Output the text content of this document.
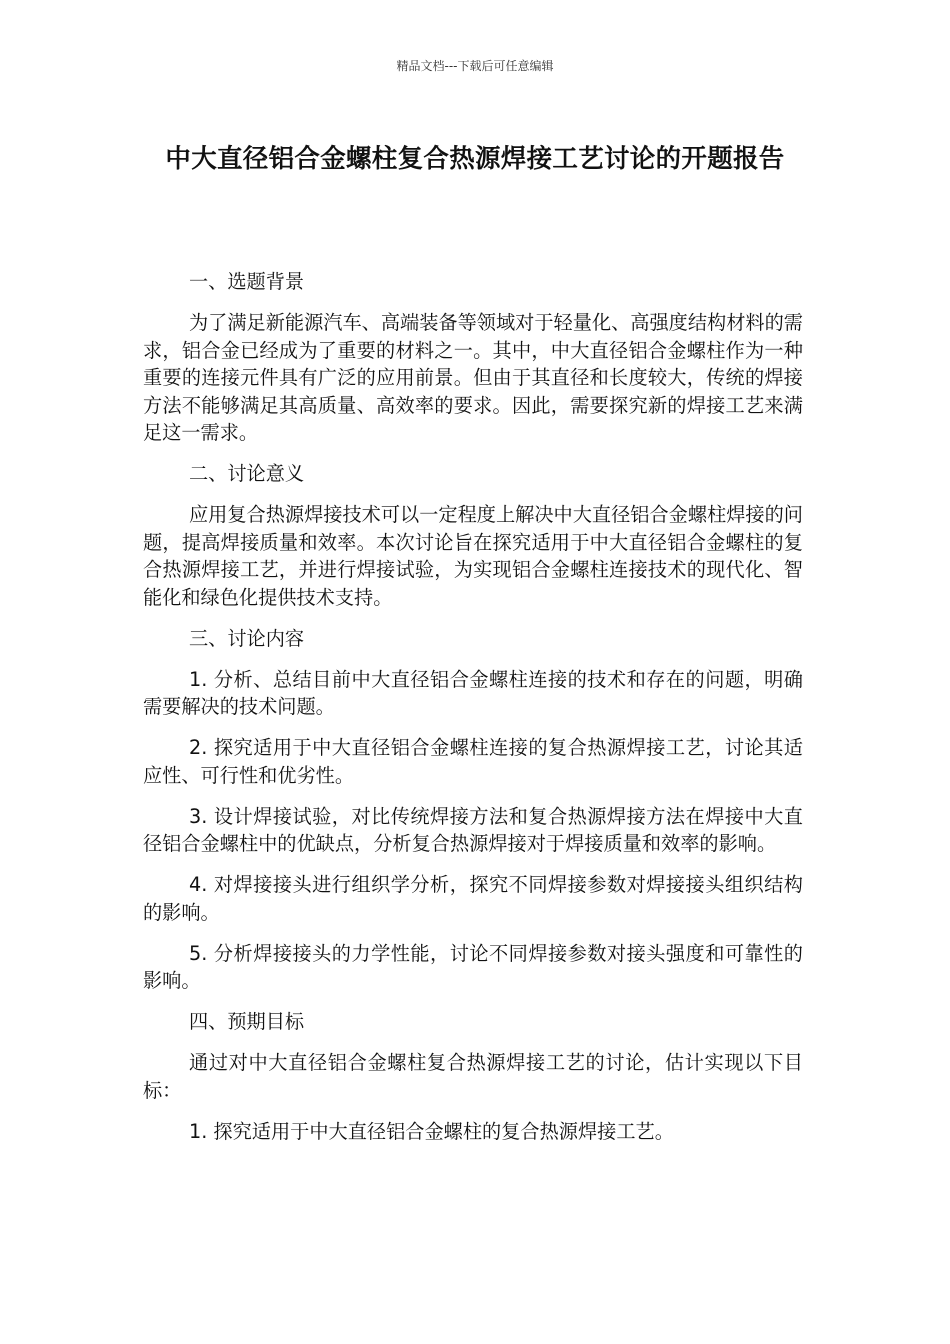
精品文档---下载后可任意编辑
中大直径铝合金螺柱复合热源焊接工艺讨论的开题报告

一、选题背景

为了满足新能源汽车、高端装备等领域对于轻量化、高强度结构材料的需求，铝合金已经成为了重要的材料之一。其中，中大直径铝合金螺柱作为一种重要的连接元件具有广泛的应用前景。但由于其直径和长度较大，传统的焊接方法不能够满足其高质量、高效率的要求。因此，需要探究新的焊接工艺来满足这一需求。

二、讨论意义

应用复合热源焊接技术可以一定程度上解决中大直径铝合金螺柱焊接的问题，提高焊接质量和效率。本次讨论旨在探究适用于中大直径铝合金螺柱的复合热源焊接工艺，并进行焊接试验，为实现铝合金螺柱连接技术的现代化、智能化和绿色化提供技术支持。

三、讨论内容

1. 分析、总结目前中大直径铝合金螺柱连接的技术和存在的问题，明确需要解决的技术问题。

2. 探究适用于中大直径铝合金螺柱连接的复合热源焊接工艺，讨论其适应性、可行性和优劣性。

3. 设计焊接试验，对比传统焊接方法和复合热源焊接方法在焊接中大直径铝合金螺柱中的优缺点，分析复合热源焊接对于焊接质量和效率的影响。

4. 对焊接接头进行组织学分析，探究不同焊接参数对焊接接头组织结构的影响。

5. 分析焊接接头的力学性能，讨论不同焊接参数对接头强度和可靠性的影响。

四、预期目标

通过对中大直径铝合金螺柱复合热源焊接工艺的讨论，估计实现以下目标：

1. 探究适用于中大直径铝合金螺柱的复合热源焊接工艺。
